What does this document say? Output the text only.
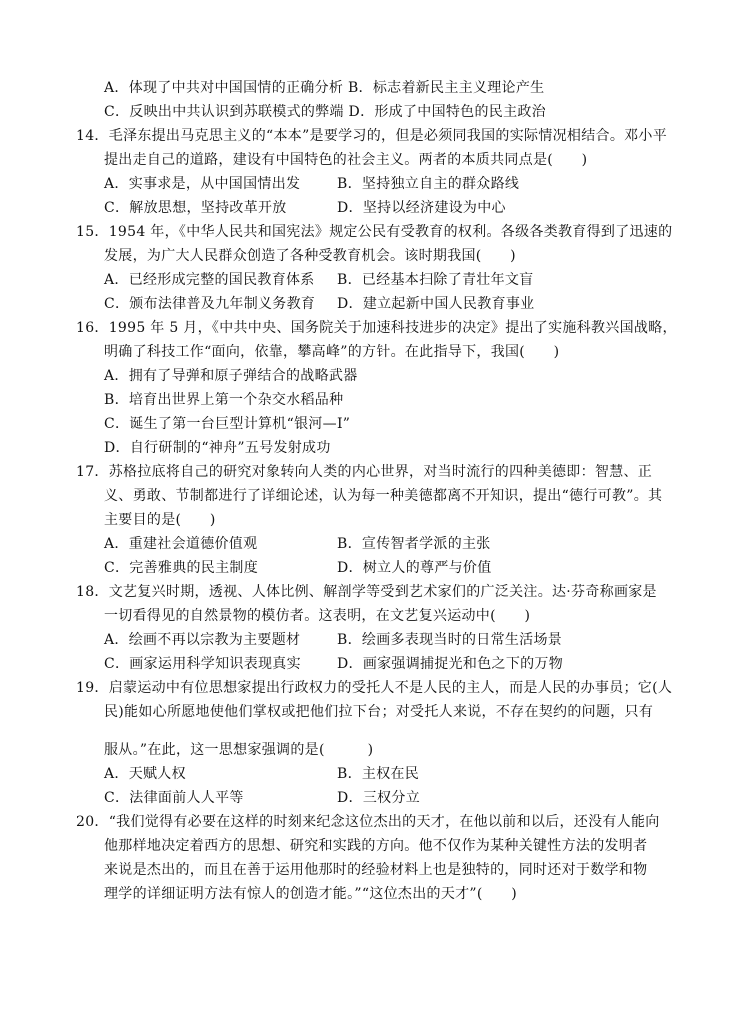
A．体现了中共对中国国情的正确分析 B．标志着新民主主义理论产生
C．反映出中共认识到苏联模式的弊端 D．形成了中国特色的民主政治
14．毛泽东提出马克思主义的“本本”是要学习的，但是必须同我国的实际情况相结合。邓小平
提出走自己的道路，建设有中国特色的社会主义。两者的本质共同点是(　　)
A．实事求是，从中国国情出发	B．坚持独立自主的群众路线
C．解放思想，坚持改革开放	D．坚持以经济建设为中心
15．1954 年，《中华人民共和国宪法》规定公民有受教育的权利。各级各类教育得到了迅速的
发展，为广大人民群众创造了各种受教育机会。该时期我国(　　)
A．已经形成完整的国民教育体系 B．已经基本扫除了青壮年文盲
C．颁布法律普及九年制义务教育 D．建立起新中国人民教育事业
16．1995 年 5 月，《中共中央、国务院关于加速科技进步的决定》提出了实施科教兴国战略，
明确了科技工作“面向，依靠，攀高峰”的方针。在此指导下，我国(　　)
A．拥有了导弹和原子弹结合的战略武器
B．培育出世界上第一个杂交水稻品种
C．诞生了第一台巨型计算机“银河—Ⅰ”
D．自行研制的“神舟”五号发射成功
17．苏格拉底将自己的研究对象转向人类的内心世界，对当时流行的四种美德即：智慧、正
义、勇敢、节制都进行了详细论述，认为每一种美德都离不开知识，提出“德行可教”。其
主要目的是(　　)
A．重建社会道德价值观	B．宣传智者学派的主张
C．完善雅典的民主制度	D．树立人的尊严与价值
18．文艺复兴时期，透视、人体比例、解剖学等受到艺术家们的广泛关注。达·芬奇称画家是
一切看得见的自然景物的模仿者。这表明，在文艺复兴运动中(　　)
A．绘画不再以宗教为主要题材	B．绘画多表现当时的日常生活场景
C．画家运用科学知识表现真实	D．画家强调捕捉光和色之下的万物
19．启蒙运动中有位思想家提出行政权力的受托人不是人民的主人，而是人民的办事员；它(人
民)能如心所愿地使他们掌权或把他们拉下台；对受托人来说，不存在契约的问题，只有
服从。”在此，这一思想家强调的是(　　　)
A．天赋人权	B．主权在民
C．法律面前人人平等	D．三权分立
20．“我们觉得有必要在这样的时刻来纪念这位杰出的天才，在他以前和以后，还没有人能向
他那样地决定着西方的思想、研究和实践的方向。他不仅作为某种关键性方法的发明者
来说是杰出的，而且在善于运用他那时的经验材料上也是独特的，同时还对于数学和物
理学的详细证明方法有惊人的创造才能。”“这位杰出的天才”(　　)
